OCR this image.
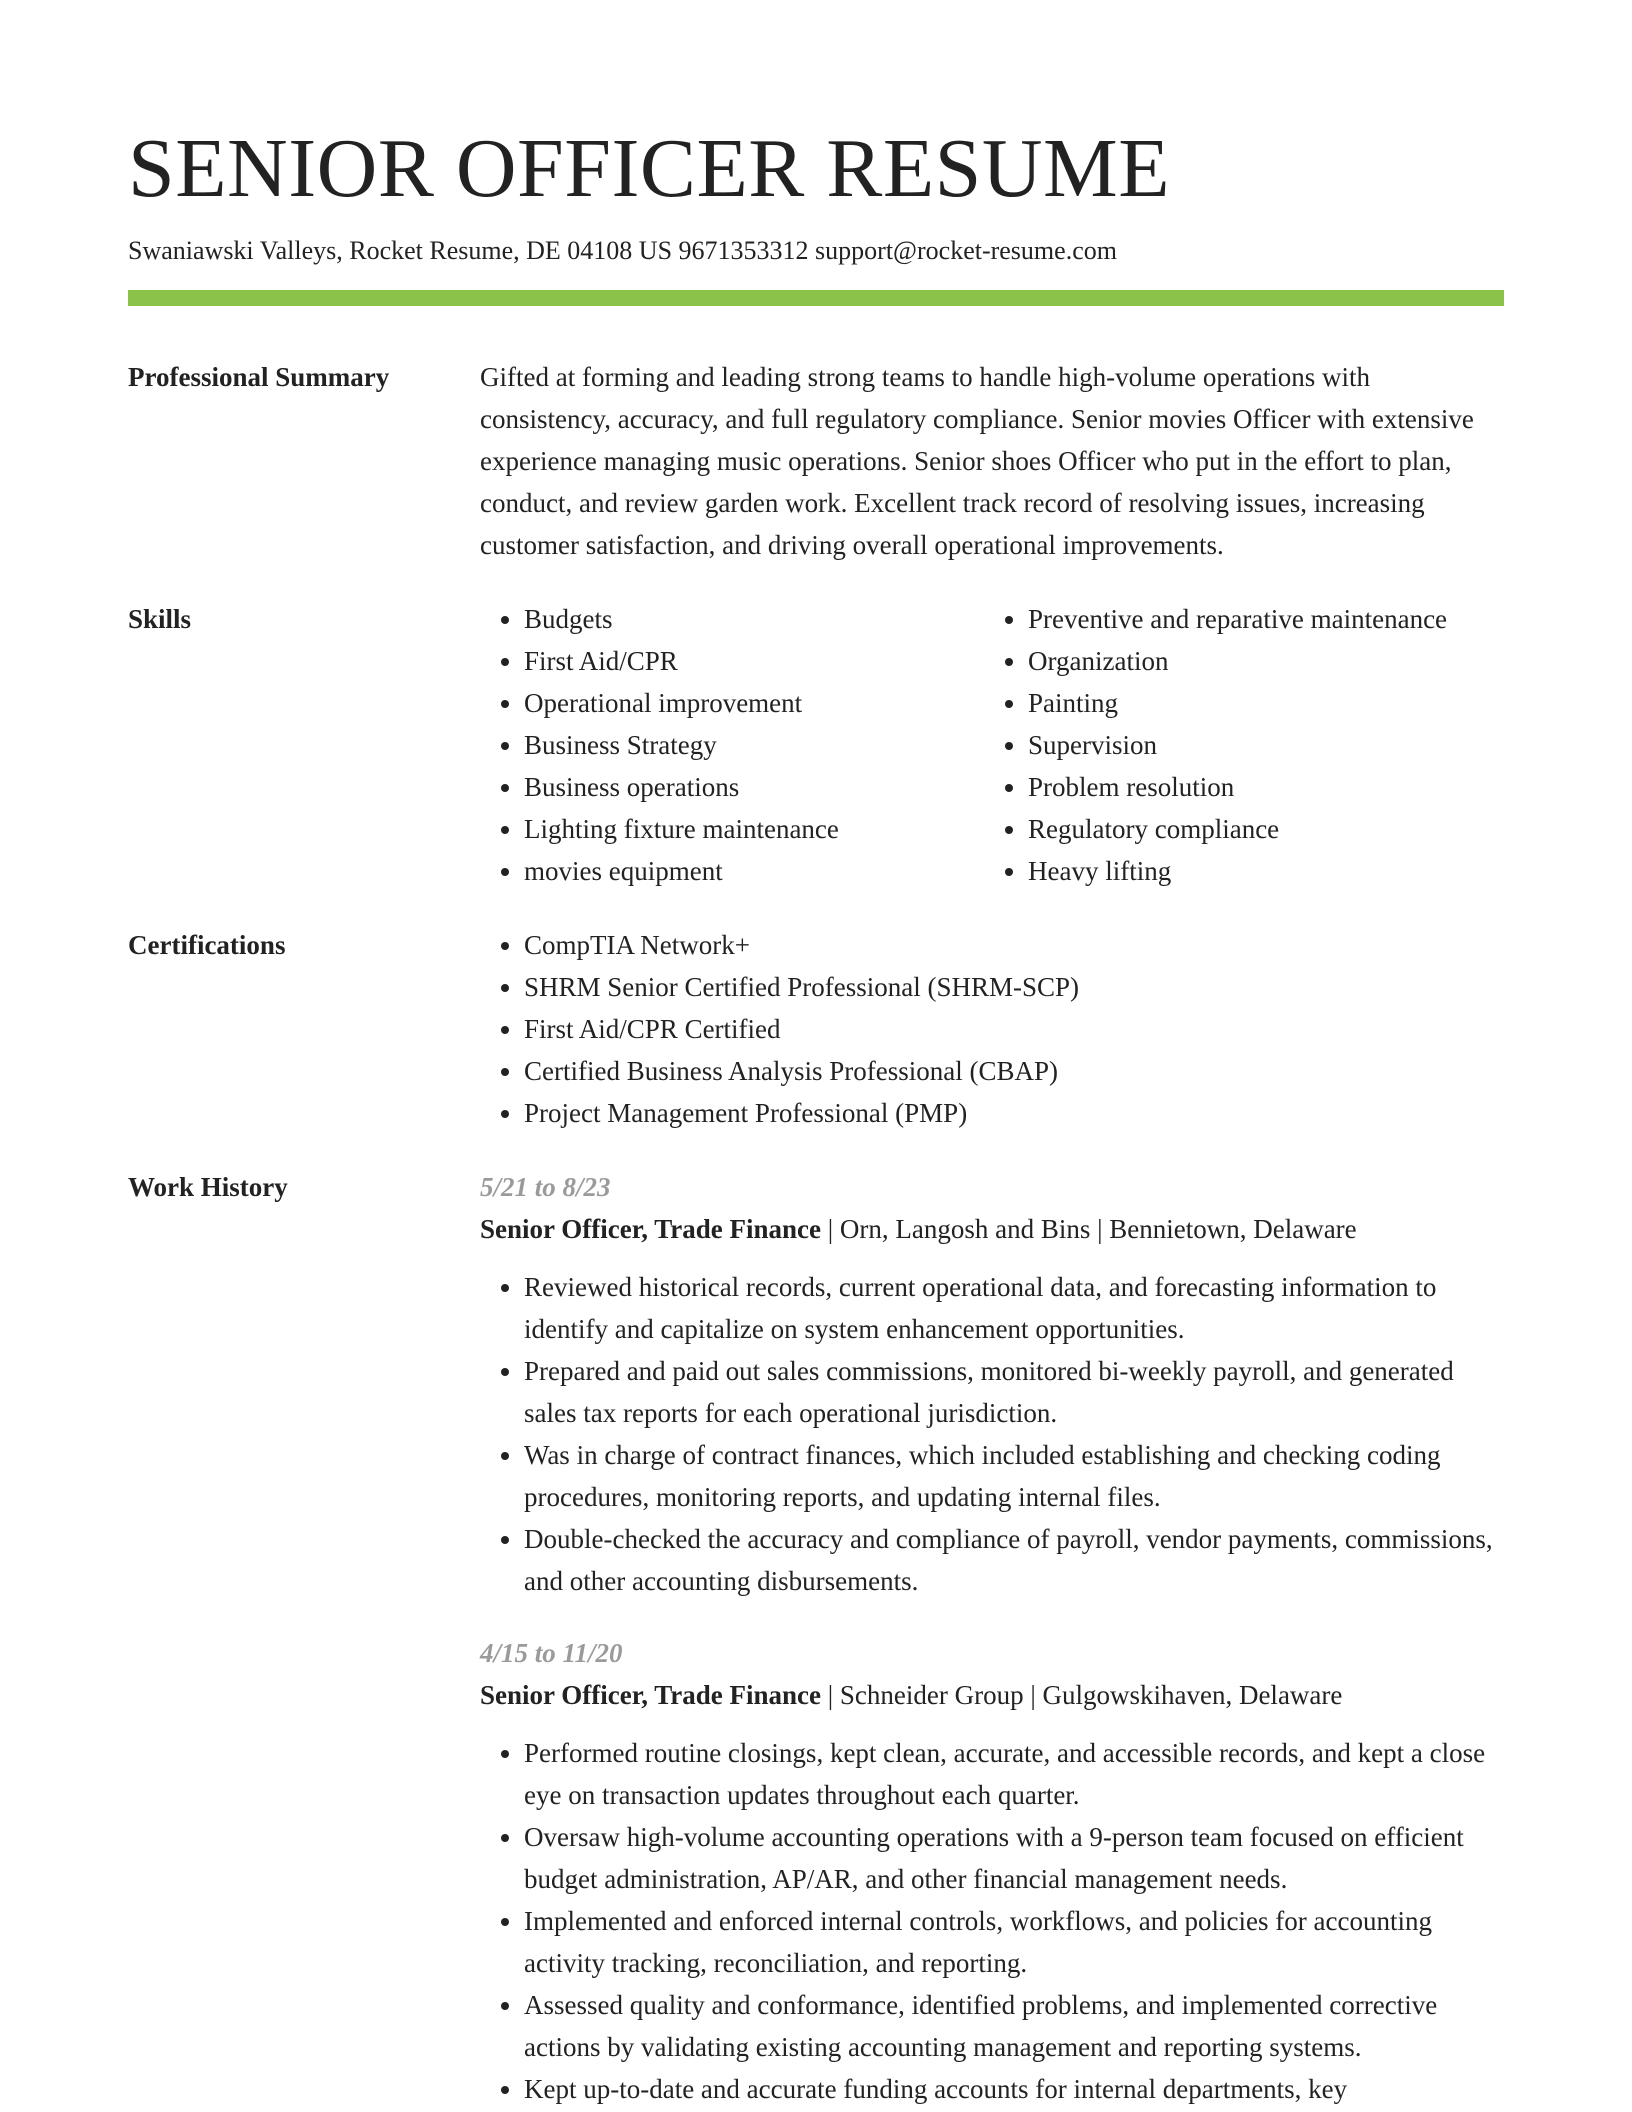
SENIOR OFFICER RESUME
Swaniawski Valleys, Rocket Resume, DE 04108 US 9671353312 support@rocket-resume.com
Professional Summary	Gifted at forming and leading strong teams to handle high-volume operations with consistency, accuracy, and full regulatory compliance. Senior movies Officer with extensive experience managing music operations. Senior shoes Officer who put in the effort to plan, conduct, and review garden work. Excellent track record of resolving issues, increasing customer satisfaction, and driving overall operational improvements.

Skills	• Budgets
• First Aid/CPR
• Operational improvement
• Business Strategy
• Business operations
• Lighting fixture maintenance
• movies equipment
• Preventive and reparative maintenance
• Organization
• Painting
• Supervision
• Problem resolution
• Regulatory compliance
• Heavy lifting
Certifications	• CompTIA Network+
• SHRM Senior Certified Professional (SHRM-SCP)
• First Aid/CPR Certified
• Certified Business Analysis Professional (CBAP)
• Project Management Professional (PMP)
Work History	5/21 to 8/23
Senior Officer, Trade Finance | Orn, Langosh and Bins | Bennietown, Delaware
• Reviewed historical records, current operational data, and forecasting information to identify and capitalize on system enhancement opportunities.
• Prepared and paid out sales commissions, monitored bi-weekly payroll, and generated sales tax reports for each operational jurisdiction.
• Was in charge of contract finances, which included establishing and checking coding procedures, monitoring reports, and updating internal files.
• Double-checked the accuracy and compliance of payroll, vendor payments, commissions, and other accounting disbursements.
4/15 to 11/20
Senior Officer, Trade Finance | Schneider Group | Gulgowskihaven, Delaware
• Performed routine closings, kept clean, accurate, and accessible records, and kept a close eye on transaction updates throughout each quarter.
• Oversaw high-volume accounting operations with a 9-person team focused on efficient budget administration, AP/AR, and other financial management needs.
• Implemented and enforced internal controls, workflows, and policies for accounting activity tracking, reconciliation, and reporting.
• Assessed quality and conformance, identified problems, and implemented corrective actions by validating existing accounting management and reporting systems.
• Kept up-to-date and accurate funding accounts for internal departments, key
